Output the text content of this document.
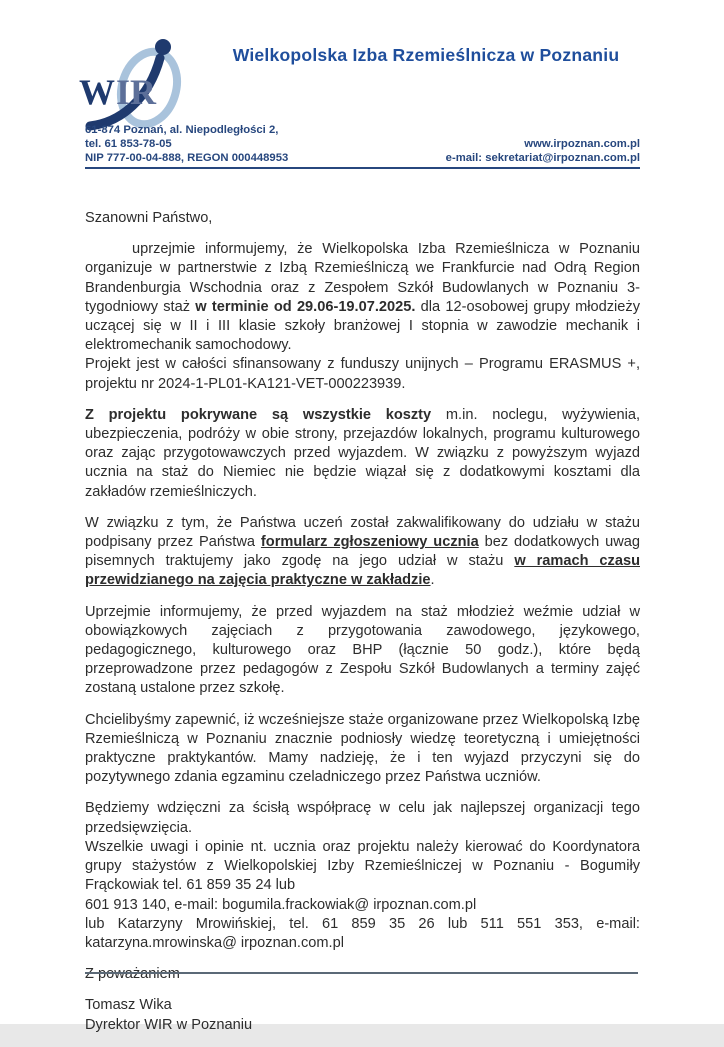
W IR
Wielkopolska Izba Rzemieślnicza w Poznaniu
61-874 Poznań, al. Niepodległości 2,
tel. 61 853-78-05
NIP 777-00-04-888, REGON 000448953
www.irpoznan.com.pl
e-mail: sekretariat@irpoznan.com.pl

Szanowni Państwo,

uprzejmie informujemy, że Wielkopolska Izba Rzemieślnicza w Poznaniu organizuje w partnerstwie z Izbą Rzemieślniczą we Frankfurcie nad Odrą Region Brandenburgia Wschodnia oraz z Zespołem Szkół Budowlanych w Poznaniu 3-tygodniowy staż w terminie od 29.06-19.07.2025. dla 12-osobowej grupy młodzieży uczącej się w II i III klasie szkoły branżowej I stopnia w zawodzie mechanik i elektromechanik samochodowy.

Projekt jest w całości sfinansowany z funduszy unijnych – Programu ERASMUS +, projektu nr 2024-1-PL01-KA121-VET-000223939.

Z projektu pokrywane są wszystkie koszty m.in. noclegu, wyżywienia, ubezpieczenia, podróży w obie strony, przejazdów lokalnych, programu kulturowego oraz zając przygotowawczych przed wyjazdem. W związku z powyższym wyjazd ucznia na staż do Niemiec nie będzie wiązał się z dodatkowymi kosztami dla zakładów rzemieślniczych.

W związku z tym, że Państwa uczeń został zakwalifikowany do udziału w stażu podpisany przez Państwa formularz zgłoszeniowy ucznia bez dodatkowych uwag pisemnych traktujemy jako zgodę na jego udział w stażu w ramach czasu przewidzianego na zajęcia praktyczne w zakładzie.

Uprzejmie informujemy, że przed wyjazdem na staż młodzież weźmie udział w obowiązkowych zajęciach z przygotowania zawodowego, językowego, pedagogicznego, kulturowego oraz BHP (łącznie 50 godz.), które będą przeprowadzone przez pedagogów z Zespołu Szkół Budowlanych a terminy zajęć zostaną ustalone przez szkołę.

Chcielibyśmy zapewnić, iż wcześniejsze staże organizowane przez Wielkopolską Izbę Rzemieślniczą w Poznaniu znacznie podniosły wiedzę teoretyczną i umiejętności praktyczne praktykantów. Mamy nadzieję, że i ten wyjazd przyczyni się do pozytywnego zdania egzaminu czeladniczego przez Państwa uczniów.

Będziemy wdzięczni za ścisłą współpracę w celu jak najlepszej organizacji tego przedsięwzięcia.

Wszelkie uwagi i opinie nt. ucznia oraz projektu należy kierować do Koordynatora grupy stażystów z Wielkopolskiej Izby Rzemieślniczej w Poznaniu - Bogumiły Frąckowiak tel. 61 859 35 24 lub

601 913 140, e-mail: bogumila.frackowiak@ irpoznan.com.pl

lub Katarzyny Mrowińskiej, tel. 61 859 35 26 lub 511 551 353, e-mail: katarzyna.mrowinska@ irpoznan.com.pl

Z poważaniem

Tomasz Wika

Dyrektor WIR w Poznaniu
